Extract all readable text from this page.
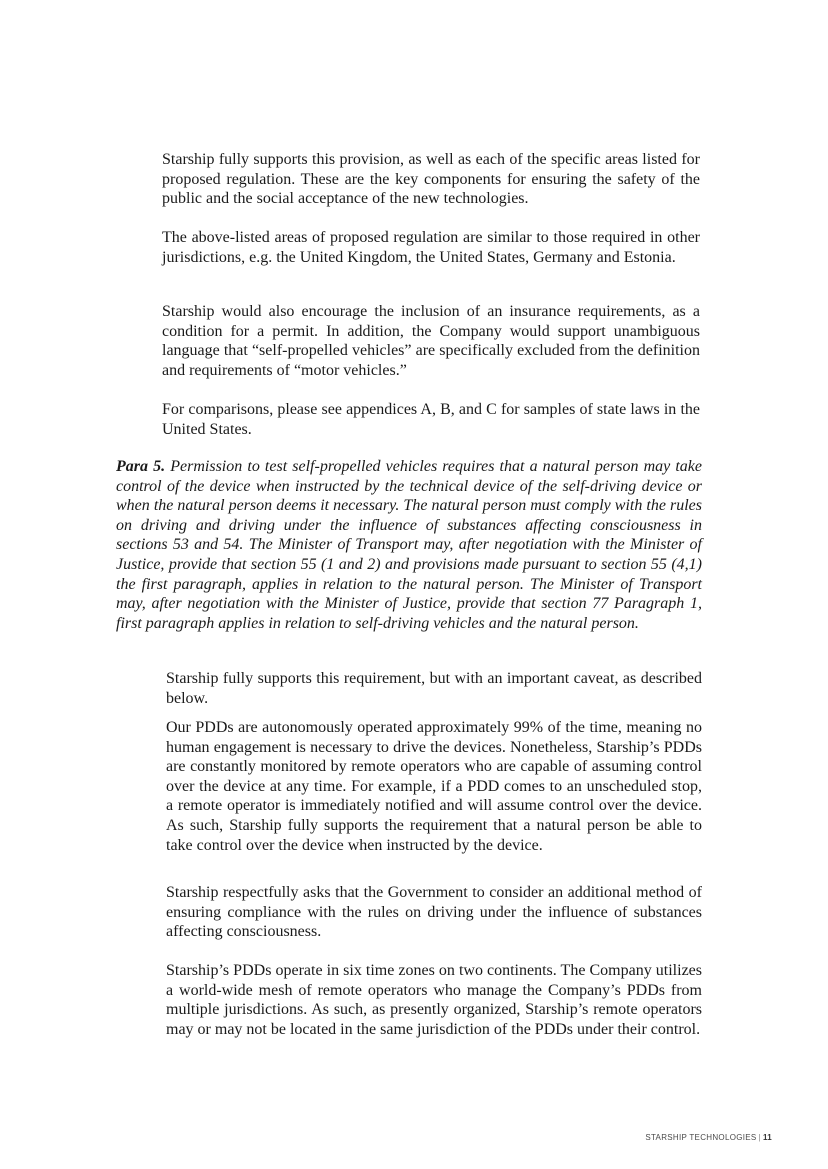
Starship fully supports this provision, as well as each of the specific areas listed for proposed regulation. These are the key components for ensuring the safety of the public and the social acceptance of the new technologies.

The above-listed areas of proposed regulation are similar to those required in other jurisdictions, e.g. the United Kingdom, the United States, Germany and Estonia.

Starship would also encourage the inclusion of an insurance requirements, as a condition for a permit. In addition, the Company would support unambiguous language that “self-propelled vehicles” are specifically excluded from the definition and requirements of “motor vehicles.”

For comparisons, please see appendices A, B, and C for samples of state laws in the United States.

Para 5. Permission to test self-propelled vehicles requires that a natural person may take control of the device when instructed by the technical device of the self-driving device or when the natural person deems it necessary. The natural person must comply with the rules on driving and driving under the influence of substances affecting consciousness in sections 53 and 54. The Minister of Transport may, after negotiation with the Minister of Justice, provide that section 55 (1 and 2) and provisions made pursuant to section 55 (4,1) the first paragraph, applies in relation to the natural person. The Minister of Transport may, after negotiation with the Minister of Justice, provide that section 77 Paragraph 1, first paragraph applies in relation to self-driving vehicles and the natural person.

Starship fully supports this requirement, but with an important caveat, as described below.

Our PDDs are autonomously operated approximately 99% of the time, meaning no human engagement is necessary to drive the devices. Nonetheless, Starship’s PDDs are constantly monitored by remote operators who are capable of assuming control over the device at any time. For example, if a PDD comes to an unscheduled stop, a remote operator is immediately notified and will assume control over the device. As such, Starship fully supports the requirement that a natural person be able to take control over the device when instructed by the device.

Starship respectfully asks that the Government to consider an additional method of ensuring compliance with the rules on driving under the influence of substances affecting consciousness.

Starship’s PDDs operate in six time zones on two continents. The Company utilizes a world-wide mesh of remote operators who manage the Company’s PDDs from multiple jurisdictions. As such, as presently organized, Starship’s remote operators may or may not be located in the same jurisdiction of the PDDs under their control.

STARSHIP TECHNOLOGIES | 11
